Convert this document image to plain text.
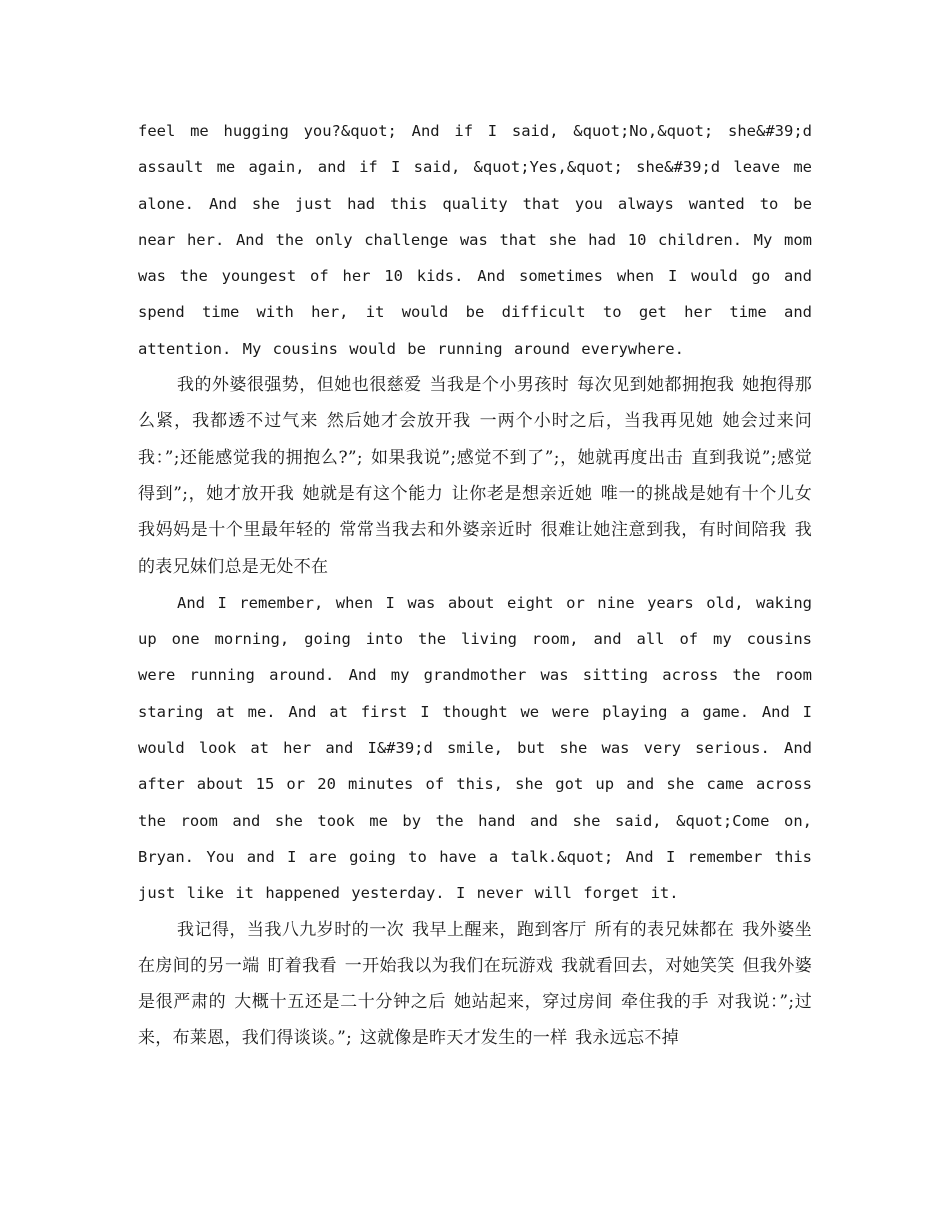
feel me hugging you?&quot; And if I said, &quot;No,&quot; she&#39;d assault me again, and if I said, &quot;Yes,&quot; she&#39;d leave me alone. And she just had this quality that you always wanted to be near her. And the only challenge was that she had 10 children. My mom was the youngest of her 10 kids. And sometimes when I would go and spend time with her, it would be difficult to get her time and attention. My cousins would be running around everywhere.

我的外婆很强势，但她也很慈爱 当我是个小男孩时 每次见到她都拥抱我 她抱得那么紧，我都透不过气来 然后她才会放开我 一两个小时之后，当我再见她 她会过来问我：”;还能感觉我的拥抱么?”; 如果我说”;感觉不到了”;，她就再度出击 直到我说”;感觉得到”;，她才放开我 她就是有这个能力 让你老是想亲近她 唯一的挑战是她有十个儿女 我妈妈是十个里最年轻的 常常当我去和外婆亲近时 很难让她注意到我，有时间陪我 我的表兄妹们总是无处不在

And I remember, when I was about eight or nine years old, waking up one morning, going into the living room, and all of my cousins were running around. And my grandmother was sitting across the room staring at me. And at first I thought we were playing a game. And I would look at her and I&#39;d smile, but she was very serious. And after about 15 or 20 minutes of this, she got up and she came across the room and she took me by the hand and she said, &quot;Come on, Bryan. You and I are going to have a talk.&quot; And I remember this just like it happened yesterday. I never will forget it.

我记得，当我八九岁时的一次 我早上醒来，跑到客厅 所有的表兄妹都在 我外婆坐在房间的另一端 盯着我看 一开始我以为我们在玩游戏 我就看回去，对她笑笑 但我外婆是很严肃的 大概十五还是二十分钟之后 她站起来，穿过房间 牵住我的手 对我说：”;过来，布莱恩，我们得谈谈。”; 这就像是昨天才发生的一样 我永远忘不掉
